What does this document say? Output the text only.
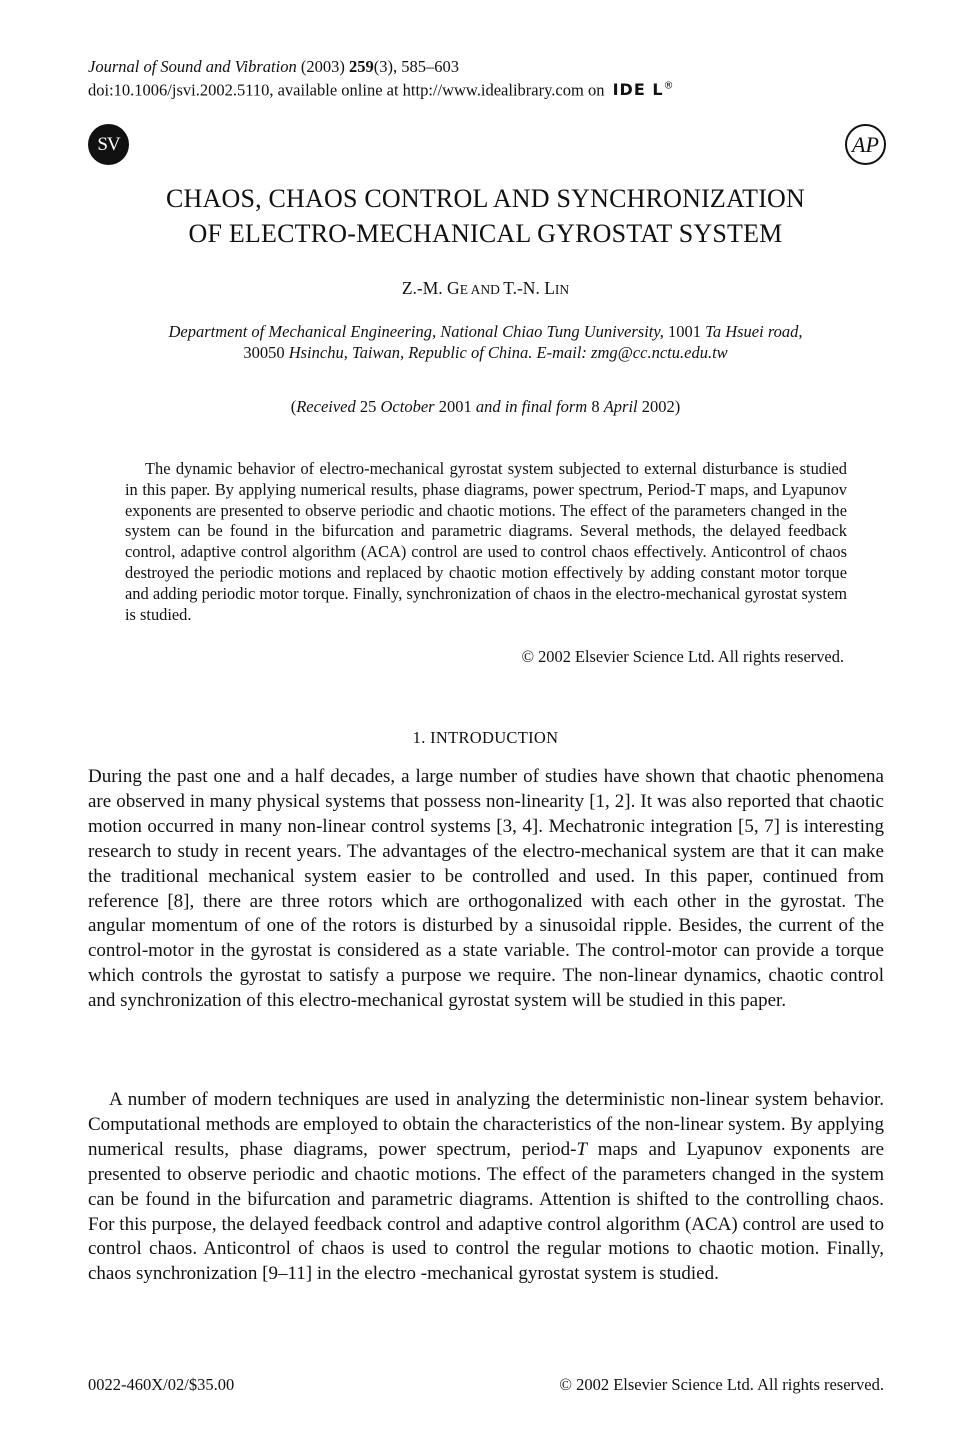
Journal of Sound and Vibration (2003) 259(3), 585–603
doi:10.1006/jsvi.2002.5110, available online at http://www.idealibrary.com on IDE L®
SV	AP
CHAOS, CHAOS CONTROL AND SYNCHRONIZATION
OF ELECTRO-MECHANICAL GYROSTAT SYSTEM
Z.-M. GE AND T.-N. LIN
Department of Mechanical Engineering, National Chiao Tung Uuniversity, 1001 Ta Hsuei road,
30050 Hsinchu, Taiwan, Republic of China. E-mail: zmg@cc.nctu.edu.tw
(Received 25 October 2001 and in final form 8 April 2002)

The dynamic behavior of electro-mechanical gyrostat system subjected to external disturbance is studied in this paper. By applying numerical results, phase diagrams, power spectrum, Period-T maps, and Lyapunov exponents are presented to observe periodic and chaotic motions. The effect of the parameters changed in the system can be found in the bifurcation and parametric diagrams. Several methods, the delayed feedback control, adaptive control algorithm (ACA) control are used to control chaos effectively. Anticontrol of chaos destroyed the periodic motions and replaced by chaotic motion effectively by adding constant motor torque and adding periodic motor torque. Finally, synchronization of chaos in the electro-mechanical gyrostat system is studied.

© 2002 Elsevier Science Ltd. All rights reserved.
1. INTRODUCTION

During the past one and a half decades, a large number of studies have shown that chaotic phenomena are observed in many physical systems that possess non-linearity [1, 2]. It was also reported that chaotic motion occurred in many non-linear control systems [3, 4]. Mechatronic integration [5, 7] is interesting research to study in recent years. The advantages of the electro-mechanical system are that it can make the traditional mechanical system easier to be controlled and used. In this paper, continued from reference [8], there are three rotors which are orthogonalized with each other in the gyrostat. The angular momentum of one of the rotors is disturbed by a sinusoidal ripple. Besides, the current of the control-motor in the gyrostat is considered as a state variable. The control-motor can provide a torque which controls the gyrostat to satisfy a purpose we require. The non-linear dynamics, chaotic control and synchronization of this electro-mechanical gyrostat system will be studied in this paper.

A number of modern techniques are used in analyzing the deterministic non-linear system behavior. Computational methods are employed to obtain the characteristics of the non-linear system. By applying numerical results, phase diagrams, power spectrum, period-T maps and Lyapunov exponents are presented to observe periodic and chaotic motions. The effect of the parameters changed in the system can be found in the bifurcation and parametric diagrams. Attention is shifted to the controlling chaos. For this purpose, the delayed feedback control and adaptive control algorithm (ACA) control are used to control chaos. Anticontrol of chaos is used to control the regular motions to chaotic motion. Finally, chaos synchronization [9–11] in the electro -mechanical gyrostat system is studied.

0022-460X/02/$35.00	© 2002 Elsevier Science Ltd. All rights reserved.
